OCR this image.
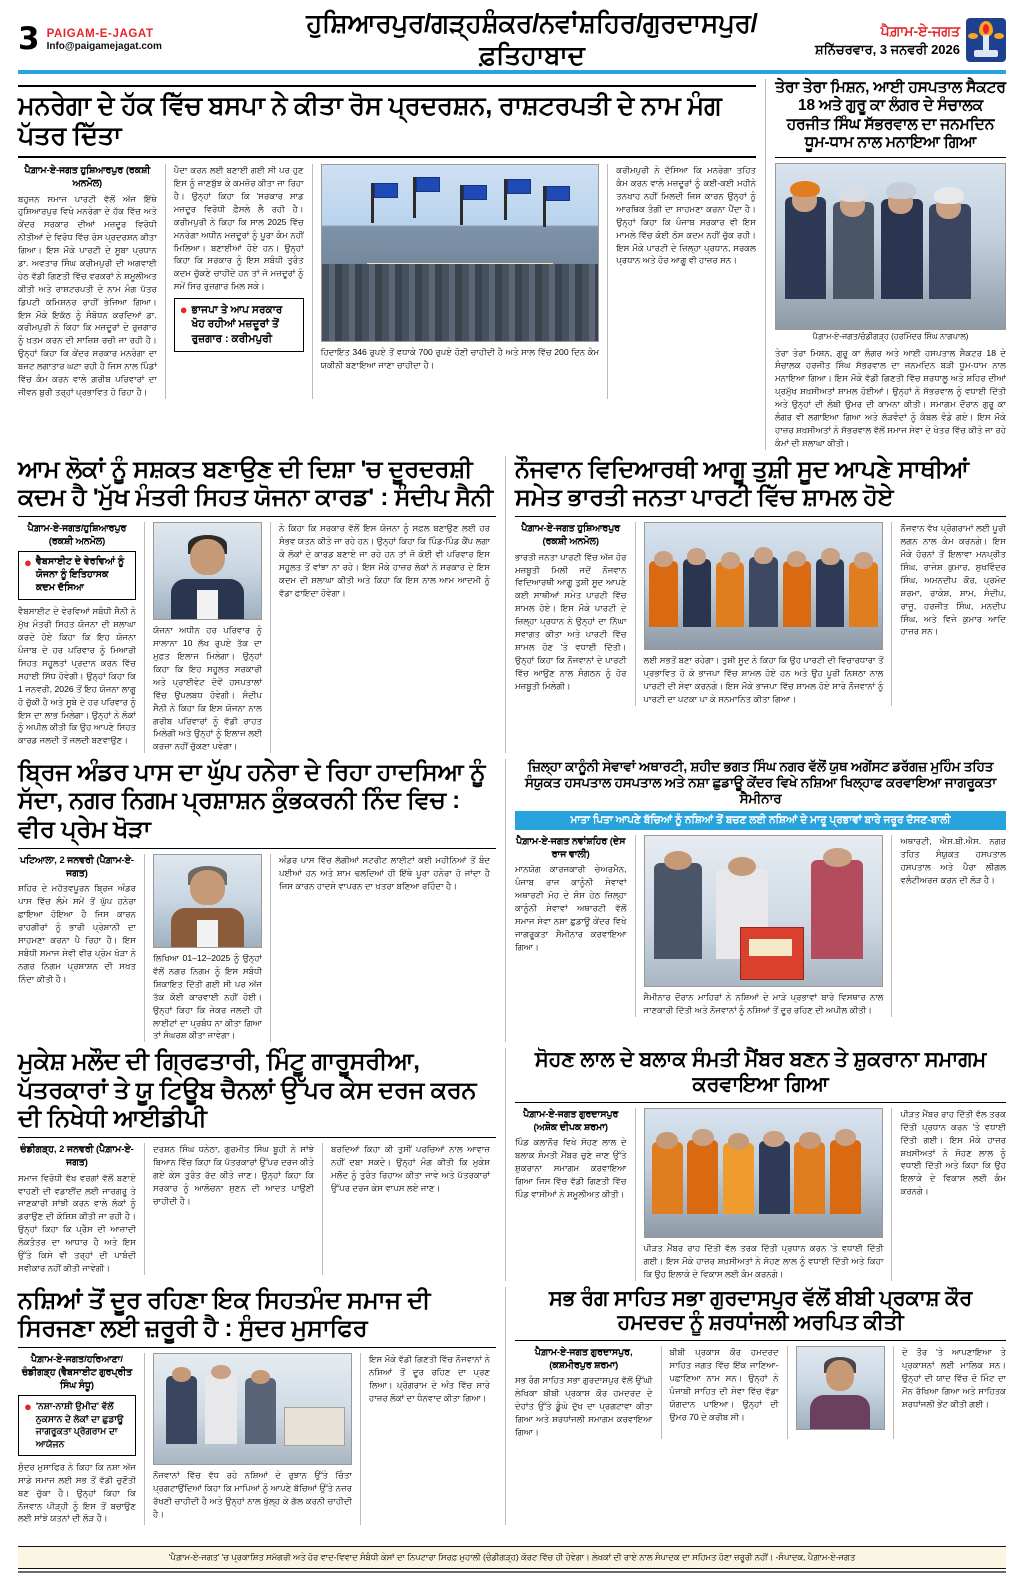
3 PAIGAM-E-JAGAT
Info@paigamejagat.com
ਹੁਸ਼ਿਆਰਪੁਰ/ਗੜ੍ਹਸ਼ੰਕਰ/ਨਵਾਂਸ਼ਹਿਰ/ਗੁਰਦਾਸਪੁਰ/ਫ਼ਤਿਹਾਬਾਦ
ਪੈਗ਼ਾਮ-ਏ-ਜਗਤ
ਸ਼ਨਿੱਚਰਵਾਰ, 3 ਜਨਵਰੀ 2026
ਮਨਰੇਗਾ ਦੇ ਹੱਕ ਵਿੱਚ ਬਸਪਾ ਨੇ ਕੀਤਾ ਰੋਸ ਪ੍ਰਦਰਸ਼ਨ, ਰਾਸ਼ਟਰਪਤੀ ਦੇ ਨਾਮ ਮੰਗ ਪੱਤਰ ਦਿੱਤਾ
ਪੈਗ਼ਾਮ-ਏ-ਜਗਤ ਹੁਸ਼ਿਆਰਪੁਰ (ਰਕਸ਼ੀ ਅਨਮੋਲ)
ਬਹੁਜਨ ਸਮਾਜ ਪਾਰਟੀ ਵੱਲੋਂ ਅੱਜ ਇੱਥੇ ਹੁਸ਼ਿਆਰਪੁਰ ਵਿਖੇ ਮਨਰੇਗਾ ਦੇ ਹੱਕ ਵਿੱਚ ਅਤੇ ਕੇਂਦਰ ਸਰਕਾਰ ਦੀਆਂ ਮਜ਼ਦੂਰ ਵਿਰੋਧੀ ਨੀਤੀਆਂ ਦੇ ਵਿਰੋਧ ਵਿੱਚ ਰੋਸ ਪ੍ਰਦਰਸ਼ਨ ਕੀਤਾ ਗਿਆ। ਇਸ ਮੌਕੇ ਪਾਰਟੀ ਦੇ ਸੂਬਾ ਪ੍ਰਧਾਨ ਡਾ. ਅਵਤਾਰ ਸਿੰਘ ਕਰੀਮਪੁਰੀ ਦੀ ਅਗਵਾਈ ਹੇਠ ਵੱਡੀ ਗਿਣਤੀ ਵਿੱਚ ਵਰਕਰਾਂ ਨੇ ਸ਼ਮੂਲੀਅਤ ਕੀਤੀ ਅਤੇ ਰਾਸ਼ਟਰਪਤੀ ਦੇ ਨਾਮ ਮੰਗ ਪੱਤਰ ਡਿਪਟੀ ਕਮਿਸ਼ਨਰ ਰਾਹੀਂ ਭੇਜਿਆ ਗਿਆ। ਇਸ ਮੌਕੇ ਇਕੱਠ ਨੂੰ ਸੰਬੋਧਨ ਕਰਦਿਆਂ ਡਾ. ਕਰੀਮਪੁਰੀ ਨੇ ਕਿਹਾ ਕਿ ਮਜ਼ਦੂਰਾਂ ਦੇ ਰੁਜ਼ਗਾਰ ਨੂੰ ਖ਼ਤਮ ਕਰਨ ਦੀ ਸਾਜ਼ਿਸ਼ ਰਚੀ ਜਾ ਰਹੀ ਹੈ। ਉਨ੍ਹਾਂ ਕਿਹਾ ਕਿ ਕੇਂਦਰ ਸਰਕਾਰ ਮਨਰੇਗਾ ਦਾ ਬਜਟ ਲਗਾਤਾਰ ਘਟਾ ਰਹੀ ਹੈ ਜਿਸ ਨਾਲ ਪਿੰਡਾਂ ਵਿੱਚ ਕੰਮ ਕਰਨ ਵਾਲੇ ਗ਼ਰੀਬ ਪਰਿਵਾਰਾਂ ਦਾ ਜੀਵਨ ਬੁਰੀ ਤਰ੍ਹਾਂ ਪ੍ਰਭਾਵਿਤ ਹੋ ਰਿਹਾ ਹੈ।
ਪੈਦਾ ਕਰਨ ਲਈ ਬਣਾਈ ਗਈ ਸੀ ਪਰ ਹੁਣ ਇਸ ਨੂੰ ਜਾਣਬੁੱਝ ਕੇ ਕਮਜ਼ੋਰ ਕੀਤਾ ਜਾ ਰਿਹਾ ਹੈ। ਉਨ੍ਹਾਂ ਕਿਹਾ ਕਿ 'ਸਰਕਾਰ ਸਾਡ ਮਜ਼ਦੂਰ ਵਿਰੋਧੀ ਫ਼ੈਸਲੇ ਲੈ ਰਹੀ ਹੈ। ਕਰੀਮਪੁਰੀ ਨੇ ਕਿਹਾ ਕਿ ਸਾਲ 2025 ਵਿੱਚ ਮਨਰੇਗਾ ਅਧੀਨ ਮਜ਼ਦੂਰਾਂ ਨੂੰ ਪੂਰਾ ਕੰਮ ਨਹੀਂ ਮਿਲਿਆ। ਬਣਾਈਆਂ ਹੋਏ ਹਨ। ਉਨ੍ਹਾਂ ਕਿਹਾ ਕਿ ਸਰਕਾਰ ਨੂੰ ਇਸ ਸਬੰਧੀ ਤੁਰੰਤ ਕਦਮ ਚੁੱਕਣੇ ਚਾਹੀਦੇ ਹਨ ਤਾਂ ਜੋ ਮਜ਼ਦੂਰਾਂ ਨੂੰ ਸਮੇਂ ਸਿਰ ਰੁਜ਼ਗਾਰ ਮਿਲ ਸਕੇ।
● ਭਾਜਪਾ ਤੇ ਆਪ ਸਰਕਾਰ ਖੋਹ ਰਹੀਆਂ ਮਜ਼ਦੂਰਾਂ ਤੋਂ ਰੁਜ਼ਗਾਰ : ਕਰੀਮਪੁਰੀ
ਹਿਦਾਇਤ 346 ਰੁਪਏ ਤੋਂ ਵਧਾਕੇ 700 ਰੁਪਏ ਹੋਣੀ ਚਾਹੀਦੀ ਹੈ ਅਤੇ ਸਾਲ ਵਿੱਚ 200 ਦਿਨ ਕੰਮ ਯਕੀਨੀ ਬਣਾਇਆ ਜਾਣਾ ਚਾਹੀਦਾ ਹੈ।
ਕਰੀਮਪੁਰੀ ਨੇ ਦੱਸਿਆ ਕਿ ਮਨਰੇਗਾ ਤਹਿਤ ਕੰਮ ਕਰਨ ਵਾਲੇ ਮਜ਼ਦੂਰਾਂ ਨੂੰ ਕਈ-ਕਈ ਮਹੀਨੇ ਤਨਖਾਹ ਨਹੀਂ ਮਿਲਦੀ ਜਿਸ ਕਾਰਨ ਉਨ੍ਹਾਂ ਨੂੰ ਆਰਥਿਕ ਤੰਗੀ ਦਾ ਸਾਹਮਣਾ ਕਰਨਾ ਪੈਂਦਾ ਹੈ। ਉਨ੍ਹਾਂ ਕਿਹਾ ਕਿ ਪੰਜਾਬ ਸਰਕਾਰ ਵੀ ਇਸ ਮਾਮਲੇ ਵਿੱਚ ਕੋਈ ਠੋਸ ਕਦਮ ਨਹੀਂ ਚੁੱਕ ਰਹੀ। ਇਸ ਮੌਕੇ ਪਾਰਟੀ ਦੇ ਜ਼ਿਲ੍ਹਾ ਪ੍ਰਧਾਨ, ਸਰਕਲ ਪ੍ਰਧਾਨ ਅਤੇ ਹੋਰ ਆਗੂ ਵੀ ਹਾਜ਼ਰ ਸਨ।
ਤੇਰਾ ਤੇਰਾ ਮਿਸ਼ਨ, ਆਈ ਹਸਪਤਾਲ ਸੈਕਟਰ 18 ਅਤੇ ਗੁਰੂ ਕਾ ਲੰਗਰ ਦੇ ਸੰਚਾਲਕ ਹਰਜੀਤ ਸਿੰਘ ਸੱਭਰਵਾਲ ਦਾ ਜਨਮਦਿਨ ਧੂਮ-ਧਾਮ ਨਾਲ ਮਨਾਇਆ ਗਿਆ
ਪੈਗ਼ਾਮ-ਏ-ਜਗਤ/ਚੰਡੀਗੜ੍ਹ (ਹਰਮਿੰਦਰ ਸਿੰਘ ਨਾਗਪਾਲ)
ਤੇਰਾ ਤੇਰਾ ਮਿਸ਼ਨ, ਗੁਰੂ ਕਾ ਲੰਗਰ ਅਤੇ ਆਈ ਹਸਪਤਾਲ ਸੈਕਟਰ 18 ਦੇ ਸੰਚਾਲਕ ਹਰਜੀਤ ਸਿੰਘ ਸੱਭਰਵਾਲ ਦਾ ਜਨਮਦਿਨ ਬੜੀ ਧੂਮ-ਧਾਮ ਨਾਲ ਮਨਾਇਆ ਗਿਆ। ਇਸ ਮੌਕੇ ਵੱਡੀ ਗਿਣਤੀ ਵਿੱਚ ਸ਼ਰਧਾਲੂ ਅਤੇ ਸ਼ਹਿਰ ਦੀਆਂ ਪ੍ਰਮੁੱਖ ਸ਼ਖ਼ਸੀਅਤਾਂ ਸ਼ਾਮਲ ਹੋਈਆਂ। ਉਨ੍ਹਾਂ ਨੇ ਸੱਭਰਵਾਲ ਨੂੰ ਵਧਾਈ ਦਿੱਤੀ ਅਤੇ ਉਨ੍ਹਾਂ ਦੀ ਲੰਬੀ ਉਮਰ ਦੀ ਕਾਮਨਾ ਕੀਤੀ। ਸਮਾਗਮ ਦੌਰਾਨ ਗੁਰੂ ਕਾ ਲੰਗਰ ਵੀ ਲਗਾਇਆ ਗਿਆ ਅਤੇ ਲੋੜਵੰਦਾਂ ਨੂੰ ਕੰਬਲ ਵੰਡੇ ਗਏ। ਇਸ ਮੌਕੇ ਹਾਜ਼ਰ ਸ਼ਖ਼ਸੀਅਤਾਂ ਨੇ ਸੱਭਰਵਾਲ ਵੱਲੋਂ ਸਮਾਜ ਸੇਵਾ ਦੇ ਖੇਤਰ ਵਿੱਚ ਕੀਤੇ ਜਾ ਰਹੇ ਕੰਮਾਂ ਦੀ ਸ਼ਲਾਘਾ ਕੀਤੀ।
ਆਮ ਲੋਕਾਂ ਨੂੰ ਸਸ਼ਕਤ ਬਣਾਉਣ ਦੀ ਦਿਸ਼ਾ 'ਚ ਦੂਰਦਰਸ਼ੀ ਕਦਮ ਹੈ 'ਮੁੱਖ ਮੰਤਰੀ ਸਿਹਤ ਯੋਜਨਾ ਕਾਰਡ' : ਸੰਦੀਪ ਸੈਨੀ
ਪੈਗ਼ਾਮ-ਏ-ਜਗਤ/ਹੁਸ਼ਿਆਰਪੁਰ (ਰਕਸ਼ੀ ਅਨਮੋਲ)
● ਵੈਬਸਾਈਟ ਦੇ ਵੇਰਵਿਆਂ ਨੂੰ ਯੋਜਨਾ ਨੂੰ ਇਤਿਹਾਸਕ ਕਦਮ ਦੱਸਿਆ
ਵੈਬਸਾਈਟ ਦੇ ਵੇਰਵਿਆਂ ਸਬੰਧੀ ਸੈਨੀ ਨੇ ਮੁੱਖ ਮੰਤਰੀ ਸਿਹਤ ਯੋਜਨਾ ਦੀ ਸ਼ਲਾਘਾ ਕਰਦੇ ਹੋਏ ਕਿਹਾ ਕਿ ਇਹ ਯੋਜਨਾ ਪੰਜਾਬ ਦੇ ਹਰ ਪਰਿਵਾਰ ਨੂੰ ਮਿਆਰੀ ਸਿਹਤ ਸਹੂਲਤਾਂ ਪ੍ਰਦਾਨ ਕਰਨ ਵਿੱਚ ਸਹਾਈ ਸਿੱਧ ਹੋਵੇਗੀ। ਉਨ੍ਹਾਂ ਕਿਹਾ ਕਿ 1 ਜਨਵਰੀ, 2026 ਤੋਂ ਇਹ ਯੋਜਨਾ ਲਾਗੂ ਹੋ ਚੁੱਕੀ ਹੈ ਅਤੇ ਸੂਬੇ ਦੇ ਹਰ ਪਰਿਵਾਰ ਨੂੰ ਇਸ ਦਾ ਲਾਭ ਮਿਲੇਗਾ। ਉਨ੍ਹਾਂ ਨੇ ਲੋਕਾਂ ਨੂੰ ਅਪੀਲ ਕੀਤੀ ਕਿ ਉਹ ਆਪਣੇ ਸਿਹਤ ਕਾਰਡ ਜਲਦੀ ਤੋਂ ਜਲਦੀ ਬਣਵਾਉਣ।
ਯੋਜਨਾ ਅਧੀਨ ਹਰ ਪਰਿਵਾਰ ਨੂੰ ਸਾਲਾਨਾ 10 ਲੱਖ ਰੁਪਏ ਤੱਕ ਦਾ ਮੁਫ਼ਤ ਇਲਾਜ ਮਿਲੇਗਾ। ਉਨ੍ਹਾਂ ਕਿਹਾ ਕਿ ਇਹ ਸਹੂਲਤ ਸਰਕਾਰੀ ਅਤੇ ਪ੍ਰਾਈਵੇਟ ਦੋਵੇਂ ਹਸਪਤਾਲਾਂ ਵਿੱਚ ਉਪਲਬਧ ਹੋਵੇਗੀ। ਸੰਦੀਪ ਸੈਨੀ ਨੇ ਕਿਹਾ ਕਿ ਇਸ ਯੋਜਨਾ ਨਾਲ ਗਰੀਬ ਪਰਿਵਾਰਾਂ ਨੂੰ ਵੱਡੀ ਰਾਹਤ ਮਿਲੇਗੀ ਅਤੇ ਉਨ੍ਹਾਂ ਨੂੰ ਇਲਾਜ ਲਈ ਕਰਜ਼ਾ ਨਹੀਂ ਚੁੱਕਣਾ ਪਵੇਗਾ।
ਨੇ ਕਿਹਾ ਕਿ ਸਰਕਾਰ ਵੱਲੋਂ ਇਸ ਯੋਜਨਾ ਨੂੰ ਸਫ਼ਲ ਬਣਾਉਣ ਲਈ ਹਰ ਸੰਭਵ ਯਤਨ ਕੀਤੇ ਜਾ ਰਹੇ ਹਨ। ਉਨ੍ਹਾਂ ਕਿਹਾ ਕਿ ਪਿੰਡ-ਪਿੰਡ ਕੈਂਪ ਲਗਾ ਕੇ ਲੋਕਾਂ ਦੇ ਕਾਰਡ ਬਣਾਏ ਜਾ ਰਹੇ ਹਨ ਤਾਂ ਜੋ ਕੋਈ ਵੀ ਪਰਿਵਾਰ ਇਸ ਸਹੂਲਤ ਤੋਂ ਵਾਂਝਾ ਨਾ ਰਹੇ। ਇਸ ਮੌਕੇ ਹਾਜ਼ਰ ਲੋਕਾਂ ਨੇ ਸਰਕਾਰ ਦੇ ਇਸ ਕਦਮ ਦੀ ਸ਼ਲਾਘਾ ਕੀਤੀ ਅਤੇ ਕਿਹਾ ਕਿ ਇਸ ਨਾਲ ਆਮ ਆਦਮੀ ਨੂੰ ਵੱਡਾ ਫਾਇਦਾ ਹੋਵੇਗਾ।
ਨੌਜਵਾਨ ਵਿਦਿਆਰਥੀ ਆਗੂ ਤੁਸ਼ੀ ਸੂਦ ਆਪਣੇ ਸਾਥੀਆਂ ਸਮੇਤ ਭਾਰਤੀ ਜਨਤਾ ਪਾਰਟੀ ਵਿੱਚ ਸ਼ਾਮਲ ਹੋਏ
ਪੈਗ਼ਾਮ-ਏ-ਜਗਤ ਹੁਸ਼ਿਆਰਪੁਰ (ਰਕਸ਼ੀ ਅਨਮੋਲ)
ਭਾਰਤੀ ਜਨਤਾ ਪਾਰਟੀ ਵਿੱਚ ਅੱਜ ਹੋਰ ਮਜ਼ਬੂਤੀ ਮਿਲੀ ਜਦੋਂ ਨੌਜਵਾਨ ਵਿਦਿਆਰਥੀ ਆਗੂ ਤੁਸ਼ੀ ਸੂਦ ਆਪਣੇ ਕਈ ਸਾਥੀਆਂ ਸਮੇਤ ਪਾਰਟੀ ਵਿੱਚ ਸ਼ਾਮਲ ਹੋਏ। ਇਸ ਮੌਕੇ ਪਾਰਟੀ ਦੇ ਜ਼ਿਲ੍ਹਾ ਪ੍ਰਧਾਨ ਨੇ ਉਨ੍ਹਾਂ ਦਾ ਨਿੱਘਾ ਸਵਾਗਤ ਕੀਤਾ ਅਤੇ ਪਾਰਟੀ ਵਿੱਚ ਸ਼ਾਮਲ ਹੋਣ 'ਤੇ ਵਧਾਈ ਦਿੱਤੀ। ਉਨ੍ਹਾਂ ਕਿਹਾ ਕਿ ਨੌਜਵਾਨਾਂ ਦੇ ਪਾਰਟੀ ਵਿੱਚ ਆਉਣ ਨਾਲ ਸੰਗਠਨ ਨੂੰ ਹੋਰ ਮਜ਼ਬੂਤੀ ਮਿਲੇਗੀ।
ਲਈ ਸਭਤੋਂ ਬਣਾ ਰਹੇਗਾ। ਤੁਸ਼ੀ ਸੂਦ ਨੇ ਕਿਹਾ ਕਿ ਉਹ ਪਾਰਟੀ ਦੀ ਵਿਚਾਰਧਾਰਾ ਤੋਂ ਪ੍ਰਭਾਵਿਤ ਹੋ ਕੇ ਭਾਜਪਾ ਵਿੱਚ ਸ਼ਾਮਲ ਹੋਏ ਹਨ ਅਤੇ ਉਹ ਪੂਰੀ ਨਿਸ਼ਠਾ ਨਾਲ ਪਾਰਟੀ ਦੀ ਸੇਵਾ ਕਰਨਗੇ। ਇਸ ਮੌਕੇ ਭਾਜਪਾ ਵਿੱਚ ਸ਼ਾਮਲ ਹੋਏ ਸਾਰੇ ਨੌਜਵਾਨਾਂ ਨੂੰ ਪਾਰਟੀ ਦਾ ਪਟਕਾ ਪਾ ਕੇ ਸਨਮਾਨਿਤ ਕੀਤਾ ਗਿਆ।
ਨੌਜਵਾਨ ਵੱਖ ਪ੍ਰੋਗਰਾਮਾਂ ਲਈ ਪੂਰੀ ਲਗਨ ਨਾਲ ਕੰਮ ਕਰਨਗੇ। ਇਸ ਮੌਕੇ ਹੋਰਨਾਂ ਤੋਂ ਇਲਾਵਾ ਮਨਪ੍ਰੀਤ ਸਿੰਘ, ਰਾਜੇਸ਼ ਕੁਮਾਰ, ਸੁਖਵਿੰਦਰ ਸਿੰਘ, ਅਮਨਦੀਪ ਕੌਰ, ਪ੍ਰਮੋਦ ਸ਼ਰਮਾ, ਰਾਕੇਸ਼, ਸ਼ਾਮ, ਸੰਦੀਪ, ਰਾਜੂ, ਹਰਜੀਤ ਸਿੰਘ, ਮਨਦੀਪ ਸਿੰਘ, ਅਤੇ ਵਿਜੇ ਕੁਮਾਰ ਆਦਿ ਹਾਜ਼ਰ ਸਨ।
ਬ੍ਰਿਜ ਅੰਡਰ ਪਾਸ ਦਾ ਘੁੱਪ ਹਨੇਰਾ ਦੇ ਰਿਹਾ ਹਾਦਸਿਆ ਨੂੰ ਸੱਦਾ, ਨਗਰ ਨਿਗਮ ਪ੍ਰਸ਼ਾਸ਼ਨ ਕੁੰਭਕਰਨੀ ਨਿੰਦ ਵਿਚ : ਵੀਰ ਪ੍ਰੇਮ ਖੋੜਾ
ਪਟਿਆਲਾ, 2 ਜਨਵਰੀ (ਪੈਗ਼ਾਮ-ਏ-ਜਗਤ)
ਸ਼ਹਿਰ ਦੇ ਮਹੱਤਵਪੂਰਨ ਬ੍ਰਿਜ ਅੰਡਰ ਪਾਸ ਵਿੱਚ ਲੰਮੇ ਸਮੇਂ ਤੋਂ ਘੁੱਪ ਹਨੇਰਾ ਛਾਇਆ ਹੋਇਆ ਹੈ ਜਿਸ ਕਾਰਨ ਰਾਹਗੀਰਾਂ ਨੂੰ ਭਾਰੀ ਪ੍ਰੇਸ਼ਾਨੀ ਦਾ ਸਾਹਮਣਾ ਕਰਨਾ ਪੈ ਰਿਹਾ ਹੈ। ਇਸ ਸਬੰਧੀ ਸਮਾਜ ਸੇਵੀ ਵੀਰ ਪ੍ਰੇਮ ਖੋੜਾ ਨੇ ਨਗਰ ਨਿਗਮ ਪ੍ਰਸ਼ਾਸ਼ਨ ਦੀ ਸਖ਼ਤ ਨਿੰਦਾ ਕੀਤੀ ਹੈ।
ਲਿਖਿਆ 01–12–2025 ਨੂੰ ਉਨ੍ਹਾਂ ਵੱਲੋਂ ਨਗਰ ਨਿਗਮ ਨੂੰ ਇਸ ਸਬੰਧੀ ਸ਼ਿਕਾਇਤ ਦਿੱਤੀ ਗਈ ਸੀ ਪਰ ਅੱਜ ਤੱਕ ਕੋਈ ਕਾਰਵਾਈ ਨਹੀਂ ਹੋਈ। ਉਨ੍ਹਾਂ ਕਿਹਾ ਕਿ ਜੇਕਰ ਜਲਦੀ ਹੀ ਲਾਈਟਾਂ ਦਾ ਪ੍ਰਬੰਧ ਨਾ ਕੀਤਾ ਗਿਆ ਤਾਂ ਸੰਘਰਸ਼ ਕੀਤਾ ਜਾਵੇਗਾ।
ਅੰਡਰ ਪਾਸ ਵਿੱਚ ਲੱਗੀਆਂ ਸਟਰੀਟ ਲਾਈਟਾਂ ਕਈ ਮਹੀਨਿਆਂ ਤੋਂ ਬੰਦ ਪਈਆਂ ਹਨ ਅਤੇ ਸ਼ਾਮ ਢਲਦਿਆਂ ਹੀ ਇੱਥੇ ਪੂਰਾ ਹਨੇਰਾ ਹੋ ਜਾਂਦਾ ਹੈ ਜਿਸ ਕਾਰਨ ਹਾਦਸੇ ਵਾਪਰਨ ਦਾ ਖ਼ਤਰਾ ਬਣਿਆ ਰਹਿੰਦਾ ਹੈ।
ਜ਼ਿਲ੍ਹਾ ਕਾਨੂੰਨੀ ਸੇਵਾਵਾਂ ਅਥਾਰਟੀ, ਸ਼ਹੀਦ ਭਗਤ ਸਿੰਘ ਨਗਰ ਵੱਲੋਂ ਯੁਥ ਅਗੇਂਸਟ ਡਰੱਗਜ਼ ਮੁਹਿੰਮ ਤਹਿਤ ਸੰਯੁਕਤ ਹਸਪਤਾਲ ਹਸਪਤਾਲ ਅਤੇ ਨਸ਼ਾ ਛੁਡਾਊ ਕੇਂਦਰ ਵਿਖੇ ਨਸ਼ਿਆ ਖਿਲ੍ਹਾਫ ਕਰਵਾਇਆ ਜਾਗਰੂਕਤਾ ਸੈਮੀਨਾਰ
ਮਾਤਾ ਪਿਤਾ ਆਪਣੇ ਬੱਚਿਆਂ ਨੂੰ ਨਸ਼ਿਆਂ ਤੋਂ ਬਚਣ ਲਈ ਨਸ਼ਿਆਂ ਦੇ ਮਾਰੂ ਪ੍ਰਭਾਵਾਂ ਬਾਰੇ ਜਰੂਰ ਦੱਸਣ-ਬਾਲੀ
ਪੈਗ਼ਾਮ-ਏ-ਜਗਤ ਨਵਾਂਸ਼ਹਿਰ (ਦੇਸ ਰਾਜ ਵਾਲੀ)
ਮਾਨਯੋਗ ਕਾਰਜਕਾਰੀ ਚੇਅਰਮੈਨ, ਪੰਜਾਬ ਰਾਜ ਕਾਨੂੰਨੀ ਸੇਵਾਵਾਂ ਅਥਾਰਟੀ ਮੋਹ ਦੇ ਸੰਸ ਹੇਠ ਜ਼ਿਲ੍ਹਾ ਕਾਨੂੰਨੀ ਸੇਵਾਵਾਂ ਅਥਾਰਟੀ ਵੱਲੋਂ ਸਮਾਜ ਸੇਵਾ ਨਸ਼ਾ ਛੁਡਾਊ ਕੇਂਦਰ ਵਿਖੇ ਜਾਗਰੂਕਤਾ ਸੈਮੀਨਾਰ ਕਰਵਾਇਆ ਗਿਆ।
ਸੈਮੀਨਾਰ ਦੌਰਾਨ ਮਾਹਿਰਾਂ ਨੇ ਨਸ਼ਿਆਂ ਦੇ ਮਾੜੇ ਪ੍ਰਭਾਵਾਂ ਬਾਰੇ ਵਿਸਥਾਰ ਨਾਲ ਜਾਣਕਾਰੀ ਦਿੱਤੀ ਅਤੇ ਨੌਜਵਾਨਾਂ ਨੂੰ ਨਸ਼ਿਆਂ ਤੋਂ ਦੂਰ ਰਹਿਣ ਦੀ ਅਪੀਲ ਕੀਤੀ।
ਅਥਾਰਟੀ, ਐਸ.ਬੀ.ਐਸ. ਨਗਰ ਤਹਿਤ ਸੰਯੁਕਤ ਹਸਪਤਾਲ ਹਸਪਤਾਲ ਅਤੇ ਪੈਰਾ ਲੀਗਲ ਵਲੰਟੀਅਰਜ਼ ਕਰਨ ਦੀ ਲੋੜ ਹੈ।
ਮੁਕੇਸ਼ ਮਲੌਦ ਦੀ ਗ੍ਰਿਫਤਾਰੀ, ਮਿੰਟੂ ਗਾਰੂਸਰੀਆ, ਪੱਤਰਕਾਰਾਂ ਤੇ ਯੂ ਟਿਊਬ ਚੈਨਲਾਂ ਉੱਪਰ ਕੇਸ ਦਰਜ ਕਰਨ ਦੀ ਨਿਖੇਧੀ ਆਈਡੀਪੀ
ਚੰਡੀਗੜ੍ਹ, 2 ਜਨਵਰੀ (ਪੈਗ਼ਾਮ-ਏ-ਜਗਤ)
ਸਮਾਜ ਵਿਰੋਧੀ ਵੱਖ ਵਰਗਾਂ ਵੱਲੋਂ ਬਣਾਏ ਵਾਹਣੀ ਦੀ ਵਡਾਈਂਦ ਲਈ ਜਾਰਗਰੂ ਤੇ ਜਾਣਕਾਰੀ ਸਾਂਝੀ ਕਰਨ ਵਾਲੇ ਲੋਕਾਂ ਨੂੰ ਡਰਾਉਣ ਦੀ ਕੋਸ਼ਿਸ਼ ਕੀਤੀ ਜਾ ਰਹੀ ਹੈ। ਉਨ੍ਹਾਂ ਕਿਹਾ ਕਿ ਪ੍ਰੈਸ ਦੀ ਆਜ਼ਾਦੀ ਲੋਕਤੰਤਰ ਦਾ ਆਧਾਰ ਹੈ ਅਤੇ ਇਸ ਉੱਤੇ ਕਿਸੇ ਵੀ ਤਰ੍ਹਾਂ ਦੀ ਪਾਬੰਦੀ ਸਵੀਕਾਰ ਨਹੀਂ ਕੀਤੀ ਜਾਵੇਗੀ।
ਦਰਸ਼ਨ ਸਿੰਘ ਧਨੇਠਾ, ਗੁਰਮੀਤ ਸਿੰਘ ਬੂਹੀ ਨੇ ਸਾਂਝੇ ਬਿਆਨ ਵਿੱਚ ਕਿਹਾ ਕਿ ਪੱਤਰਕਾਰਾਂ ਉੱਪਰ ਦਰਜ ਕੀਤੇ ਗਏ ਕੇਸ ਤੁਰੰਤ ਰੱਦ ਕੀਤੇ ਜਾਣ। ਉਨ੍ਹਾਂ ਕਿਹਾ ਕਿ ਸਰਕਾਰ ਨੂੰ ਆਲੋਚਨਾ ਸੁਣਨ ਦੀ ਆਦਤ ਪਾਉਣੀ ਚਾਹੀਦੀ ਹੈ।
ਬਰਦਿਆਂ ਕਿਹਾ ਕੀ ਤੁਸੀਂ ਪਰਚਿਆਂ ਨਾਲ ਆਵਾਜ਼ ਨਹੀਂ ਦਬਾ ਸਕਦੇ। ਉਨ੍ਹਾਂ ਮੰਗ ਕੀਤੀ ਕਿ ਮੁਕੇਸ਼ ਮਲੌਦ ਨੂੰ ਤੁਰੰਤ ਰਿਹਾਅ ਕੀਤਾ ਜਾਵੇ ਅਤੇ ਪੱਤਰਕਾਰਾਂ ਉੱਪਰ ਦਰਜ ਕੇਸ ਵਾਪਸ ਲਏ ਜਾਣ।
ਸੋਹਣ ਲਾਲ ਦੇ ਬਲਾਕ ਸੰਮਤੀ ਮੈਂਬਰ ਬਣਨ ਤੇ ਸ਼ੁਕਰਾਨਾ ਸਮਾਗਮ ਕਰਵਾਇਆ ਗਿਆ
ਪੈਗ਼ਾਮ-ਏ-ਜਗਤ ਗੁਰਦਾਸਪੁਰ (ਅਸ਼ੋਕ ਦੀਪਕ ਸ਼ਰਮਾ)
ਪਿੰਡ ਕਲਾਨੌਰ ਵਿਖੇ ਸੋਹਣ ਲਾਲ ਦੇ ਬਲਾਕ ਸੰਮਤੀ ਮੈਂਬਰ ਚੁਣੇ ਜਾਣ ਉੱਤੇ ਸ਼ੁਕਰਾਨਾ ਸਮਾਗਮ ਕਰਵਾਇਆ ਗਿਆ ਜਿਸ ਵਿੱਚ ਵੱਡੀ ਗਿਣਤੀ ਵਿੱਚ ਪਿੰਡ ਵਾਸੀਆਂ ਨੇ ਸ਼ਮੂਲੀਅਤ ਕੀਤੀ।
ਪੀੜਤ ਮੈਂਬਰ ਰਾਹ ਦਿੱਤੀ ਵੱਲ ਤਰਕ ਦਿੱਤੀ ਪ੍ਰਧਾਨ ਕਰਨ 'ਤੇ ਵਧਾਈ ਦਿੱਤੀ ਗਈ। ਇਸ ਮੌਕੇ ਹਾਜ਼ਰ ਸ਼ਖ਼ਸੀਅਤਾਂ ਨੇ ਸੋਹਣ ਲਾਲ ਨੂੰ ਵਧਾਈ ਦਿੱਤੀ ਅਤੇ ਕਿਹਾ ਕਿ ਉਹ ਇਲਾਕੇ ਦੇ ਵਿਕਾਸ ਲਈ ਕੰਮ ਕਰਨਗੇ।
ਪੀੜਤ ਮੈਂਬਰ ਰਾਹ ਦਿੱਤੀ ਵੱਲ ਤਰਕ ਦਿੱਤੀ ਪ੍ਰਧਾਨ ਕਰਨ 'ਤੇ ਵਧਾਈ ਦਿੱਤੀ ਗਈ। ਇਸ ਮੌਕੇ ਹਾਜ਼ਰ ਸ਼ਖ਼ਸੀਅਤਾਂ ਨੇ ਸੋਹਣ ਲਾਲ ਨੂੰ ਵਧਾਈ ਦਿੱਤੀ ਅਤੇ ਕਿਹਾ ਕਿ ਉਹ ਇਲਾਕੇ ਦੇ ਵਿਕਾਸ ਲਈ ਕੰਮ ਕਰਨਗੇ।
ਨਸ਼ਿਆਂ ਤੋਂ ਦੂਰ ਰਹਿਣਾ ਇਕ ਸਿਹਤਮੰਦ ਸਮਾਜ ਦੀ ਸਿਰਜਣਾ ਲਈ ਜ਼ਰੂਰੀ ਹੈ : ਸੁੰਦਰ ਮੁਸਾਫਿਰ
ਪੈਗ਼ਾਮ-ਏ-ਜਗਤ/ਹਰਿਆਣਾ/ਚੰਡੀਗੜ੍ਹ (ਵੈਬਸਾਈਟ ਗੁਰਪ੍ਰੀਤ ਸਿੰਘ ਸੰਧੂ)
● 'ਨਸ਼ਾ-ਨਾਸ਼ੀ ਉਮੀਦ' ਵੱਲੋਂ ਨੁਕਸਾਨ ਦੇ ਲੋਕਾਂ ਦਾ ਛੁਡਾਊ ਜਾਗਰੂਕਤਾ ਪ੍ਰੋਗਰਾਮ ਦਾ ਆਯੋਜਨ
ਸੁੰਦਰ ਮੁਸਾਫਿਰ ਨੇ ਕਿਹਾ ਕਿ ਨਸ਼ਾ ਅੱਜ ਸਾਡੇ ਸਮਾਜ ਲਈ ਸਭ ਤੋਂ ਵੱਡੀ ਚੁਣੌਤੀ ਬਣ ਚੁੱਕਾ ਹੈ। ਉਨ੍ਹਾਂ ਕਿਹਾ ਕਿ ਨੌਜਵਾਨ ਪੀੜ੍ਹੀ ਨੂੰ ਇਸ ਤੋਂ ਬਚਾਉਣ ਲਈ ਸਾਂਝੇ ਯਤਨਾਂ ਦੀ ਲੋੜ ਹੈ।
ਨੌਜਵਾਨਾਂ ਵਿੱਚ ਵੱਧ ਰਹੇ ਨਸ਼ਿਆਂ ਦੇ ਰੁਝਾਨ ਉੱਤੇ ਚਿੰਤਾ ਪ੍ਰਗਟਾਉਂਦਿਆਂ ਕਿਹਾ ਕਿ ਮਾਪਿਆਂ ਨੂੰ ਆਪਣੇ ਬੱਚਿਆਂ ਉੱਤੇ ਨਜ਼ਰ ਰੱਖਣੀ ਚਾਹੀਦੀ ਹੈ ਅਤੇ ਉਨ੍ਹਾਂ ਨਾਲ ਖੁੱਲ੍ਹ ਕੇ ਗੱਲ ਕਰਨੀ ਚਾਹੀਦੀ ਹੈ।
ਇਸ ਮੌਕੇ ਵੱਡੀ ਗਿਣਤੀ ਵਿੱਚ ਨੌਜਵਾਨਾਂ ਨੇ ਨਸ਼ਿਆਂ ਤੋਂ ਦੂਰ ਰਹਿਣ ਦਾ ਪ੍ਰਣ ਲਿਆ। ਪ੍ਰੋਗਰਾਮ ਦੇ ਅੰਤ ਵਿੱਚ ਸਾਰੇ ਹਾਜ਼ਰ ਲੋਕਾਂ ਦਾ ਧੰਨਵਾਦ ਕੀਤਾ ਗਿਆ।
ਸਭ ਰੰਗ ਸਾਹਿਤ ਸਭਾ ਗੁਰਦਾਸਪੁਰ ਵੱਲੋਂ ਬੀਬੀ ਪ੍ਰਕਾਸ਼ ਕੌਰ ਹਮਦਰਦ ਨੂੰ ਸ਼ਰਧਾਂਜਲੀ ਅਰਪਿਤ ਕੀਤੀ
ਪੈਗ਼ਾਮ-ਏ-ਜਗਤ ਗੁਰਦਾਸਪੁਰ, (ਕਸ਼ਮੀਰਪੁਰ ਸ਼ਰਮਾ)
ਸਭ ਰੰਗ ਸਾਹਿਤ ਸਭਾ ਗੁਰਦਾਸਪੁਰ ਵੱਲੋਂ ਉੱਘੀ ਲੇਖਿਕਾ ਬੀਬੀ ਪ੍ਰਕਾਸ਼ ਕੌਰ ਹਮਦਰਦ ਦੇ ਦੇਹਾਂਤ ਉੱਤੇ ਡੂੰਘੇ ਦੁੱਖ ਦਾ ਪ੍ਰਗਟਾਵਾ ਕੀਤਾ ਗਿਆ ਅਤੇ ਸ਼ਰਧਾਂਜਲੀ ਸਮਾਗਮ ਕਰਵਾਇਆ ਗਿਆ।
ਬੀਬੀ ਪ੍ਰਕਾਸ਼ ਕੌਰ ਹਮਦਰਦ ਸਾਹਿਤ ਜਗਤ ਵਿੱਚ ਇੱਕ ਜਾਣਿਆ-ਪਛਾਣਿਆ ਨਾਮ ਸਨ। ਉਨ੍ਹਾਂ ਨੇ ਪੰਜਾਬੀ ਸਾਹਿਤ ਦੀ ਸੇਵਾ ਵਿੱਚ ਵੱਡਾ ਯੋਗਦਾਨ ਪਾਇਆ। ਉਨ੍ਹਾਂ ਦੀ ਉਮਰ 70 ਦੇ ਕਰੀਬ ਸੀ।
ਦੇ ਤੌਰ 'ਤੇ ਆਪਣਾਇਆ ਤੇ ਪ੍ਰਕਾਸ਼ਨਾਂ ਲਈ ਮਾਲਿਕ ਸਨ। ਉਨ੍ਹਾਂ ਦੀ ਯਾਦ ਵਿੱਚ ਦੋ ਮਿੰਟ ਦਾ ਮੌਨ ਰੱਖਿਆ ਗਿਆ ਅਤੇ ਸਾਹਿਤਕ ਸ਼ਰਧਾਂਜਲੀ ਭੇਂਟ ਕੀਤੀ ਗਈ।
'ਪੈਗ਼ਾਮ-ਏ-ਜਗਤ' 'ਚ ਪ੍ਰਕਾਸ਼ਿਤ ਸਮੱਗਰੀ ਅਤੇ ਹੋਰ ਵਾਦ-ਵਿਵਾਦ ਸੰਬੰਧੀ ਕੇਸਾਂ ਦਾ ਨਿਪਟਾਰਾ ਸਿਰਫ਼ ਮੁਹਾਲੀ (ਚੰਡੀਗੜ੍ਹ) ਕੋਰਟ ਵਿੱਚ ਹੀ ਹੋਵੇਗਾ। ਲੇਖਕਾਂ ਦੀ ਰਾਏ ਨਾਲ ਸੰਪਾਦਕ ਦਾ ਸਹਿਮਤ ਹੋਣਾ ਜ਼ਰੂਰੀ ਨਹੀਂ। -ਸੰਪਾਦਕ, ਪੈਗ਼ਾਮ-ਏ-ਜਗਤ
